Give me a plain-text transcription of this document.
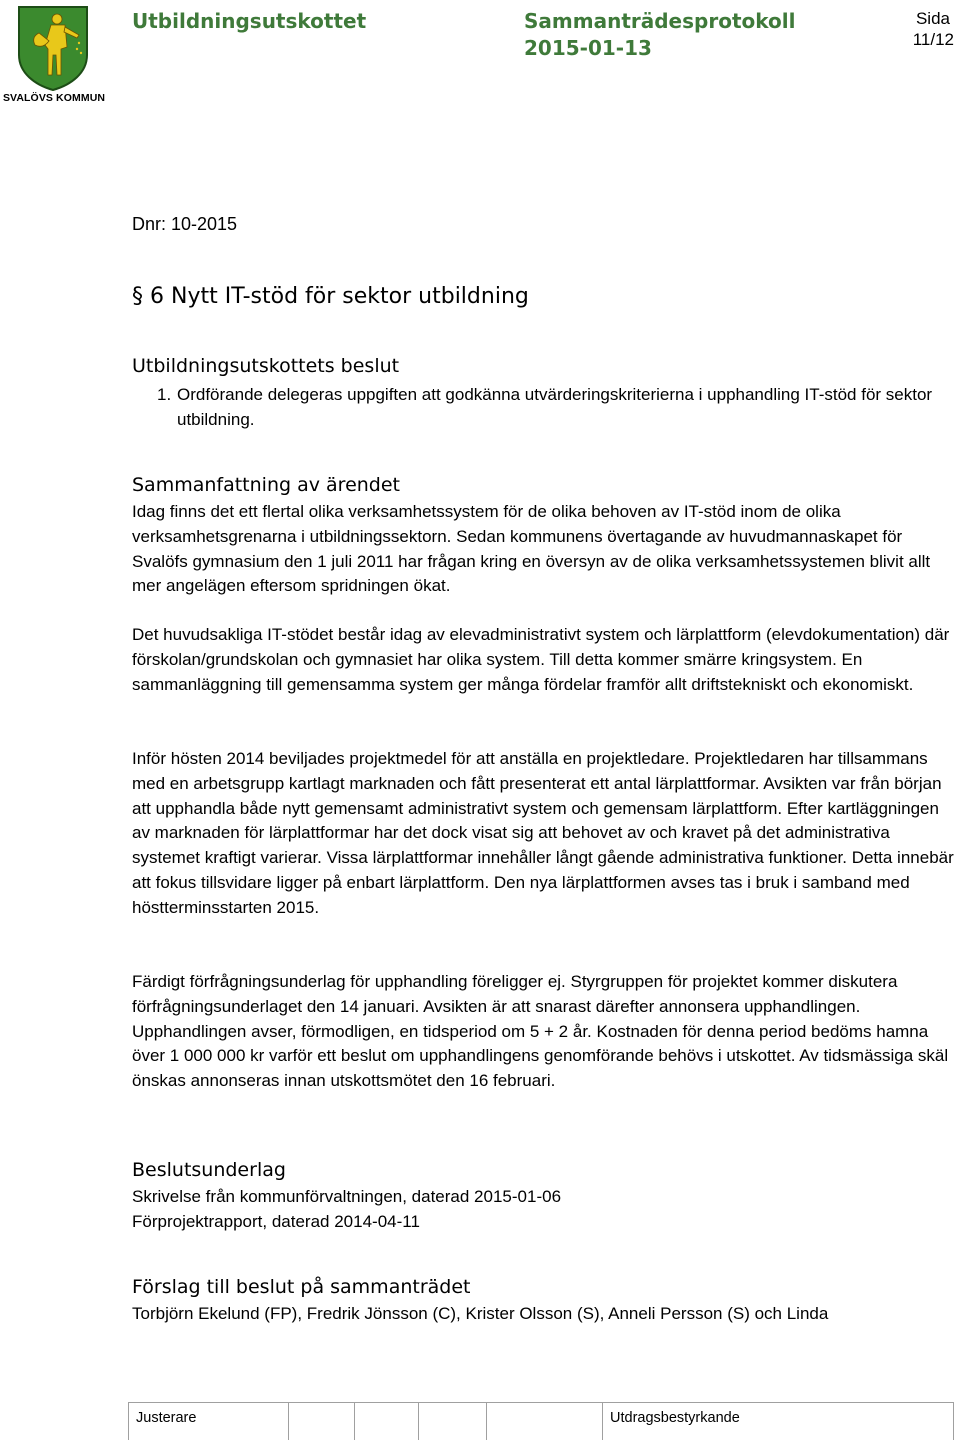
SVALÖVS KOMMUN
Utbildningsutskottet	Sammanträdesprotokoll
2015-01-13
Sida
11/12
Dnr: 10-2015
§ 6 Nytt IT-stöd för sektor utbildning
Utbildningsutskottets beslut
1. Ordförande delegeras uppgiften att godkänna utvärderingskriterierna i upphandling IT-stöd för sektor utbildning.
Sammanfattning av ärendet
Idag finns det ett flertal olika verksamhetssystem för de olika behoven av IT-stöd inom de olika verksamhetsgrenarna i utbildningssektorn. Sedan kommunens övertagande av huvudmannaskapet för Svalöfs gymnasium den 1 juli 2011 har frågan kring en översyn av de olika verksamhetssystemen blivit allt mer angelägen eftersom spridningen ökat.
Det huvudsakliga IT-stödet består idag av elevadministrativt system och lärplattform (elevdokumentation) där förskolan/grundskolan och gymnasiet har olika system. Till detta kommer smärre kringsystem. En sammanläggning till gemensamma system ger många fördelar framför allt driftstekniskt och ekonomiskt.
Inför hösten 2014 beviljades projektmedel för att anställa en projektledare. Projektledaren har tillsammans med en arbetsgrupp kartlagt marknaden och fått presenterat ett antal lärplattformar. Avsikten var från början att upphandla både nytt gemensamt administrativt system och gemensam lärplattform. Efter kartläggningen av marknaden för lärplattformar har det dock visat sig att behovet av och kravet på det administrativa systemet kraftigt varierar. Vissa lärplattformar innehåller långt gående administrativa funktioner. Detta innebär att fokus tillsvidare ligger på enbart lärplattform. Den nya lärplattformen avses tas i bruk i samband med höstterminsstarten 2015.
Färdigt förfrågningsunderlag för upphandling föreligger ej. Styrgruppen för projektet kommer diskutera förfrågningsunderlaget den 14 januari. Avsikten är att snarast därefter annonsera upphandlingen. Upphandlingen avser, förmodligen, en tidsperiod om 5 + 2 år. Kostnaden för denna period bedöms hamna över 1 000 000 kr varför ett beslut om upphandlingens genomförande behövs i utskottet. Av tidsmässiga skäl önskas annonseras innan utskottsmötet den 16 februari.
Beslutsunderlag
Skrivelse från kommunförvaltningen, daterad 2015-01-06
Förprojektrapport, daterad 2014-04-11
Förslag till beslut på sammanträdet
Torbjörn Ekelund (FP), Fredrik Jönsson (C), Krister Olsson (S), Anneli Persson (S) och Linda
Justerare	Utdragsbestyrkande
